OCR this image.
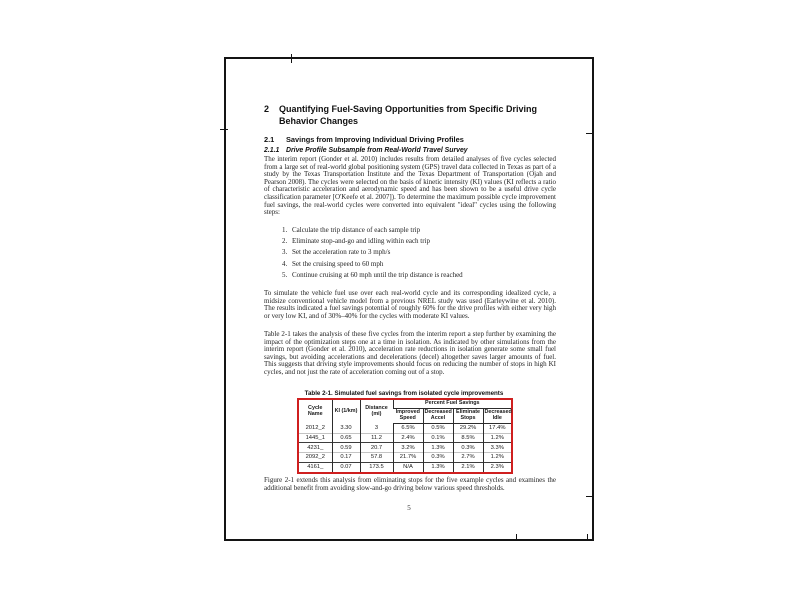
2 Quantifying Fuel-Saving Opportunities from Specific Driving Behavior Changes
2.1 Savings from Improving Individual Driving Profiles
2.1.1 Drive Profile Subsample from Real-World Travel Survey
The interim report (Gonder et al. 2010) includes results from detailed analyses of five cycles selected from a large set of real-world global positioning system (GPS) travel data collected in Texas as part of a study by the Texas Transportation Institute and the Texas Department of Transportation (Ojah and Pearson 2008). The cycles were selected on the basis of kinetic intensity (KI) values (KI reflects a ratio of characteristic acceleration and aerodynamic speed and has been shown to be a useful drive cycle classification parameter [O'Keefe et al. 2007]). To determine the maximum possible cycle improvement fuel savings, the real-world cycles were converted into equivalent "ideal" cycles using the following steps:
1. Calculate the trip distance of each sample trip
2. Eliminate stop-and-go and idling within each trip
3. Set the acceleration rate to 3 mph/s
4. Set the cruising speed to 60 mph
5. Continue cruising at 60 mph until the trip distance is reached
To simulate the vehicle fuel use over each real-world cycle and its corresponding idealized cycle, a midsize conventional vehicle model from a previous NREL study was used (Earleywine et al. 2010). The results indicated a fuel savings potential of roughly 60% for the drive profiles with either very high or very low KI, and of 30%–40% for the cycles with moderate KI values.
Table 2-1 takes the analysis of these five cycles from the interim report a step further by examining the impact of the optimization steps one at a time in isolation. As indicated by other simulations from the interim report (Gonder et al. 2010), acceleration rate reductions in isolation generate some small fuel savings, but avoiding accelerations and decelerations (decel) altogether saves larger amounts of fuel. This suggests that driving style improvements should focus on reducing the number of stops in high KI cycles, and not just the rate of acceleration coming out of a stop.
Table 2-1. Simulated fuel savings from isolated cycle improvements
Cycle Name	KI (1/km)	Distance (mi)	Percent Fuel Savings			
			Improved Speed	Decreased Accel	Eliminate Stops	Decreased Idle
2012_2	3.30	3	6.5%	0.5%	29.2%	17.4%
1445_1	0.65	11.2	2.4%	0.1%	8.5%	1.2%
4231_	0.59	20.7	3.2%	1.3%	0.3%	3.3%
2092_2	0.17	57.8	21.7%	0.3%	2.7%	1.2%
4161_	0.07	173.5	N/A	1.3%	2.1%	2.3%
Figure 2-1 extends this analysis from eliminating stops for the five example cycles and examines the additional benefit from avoiding slow-and-go driving below various speed thresholds.
5
